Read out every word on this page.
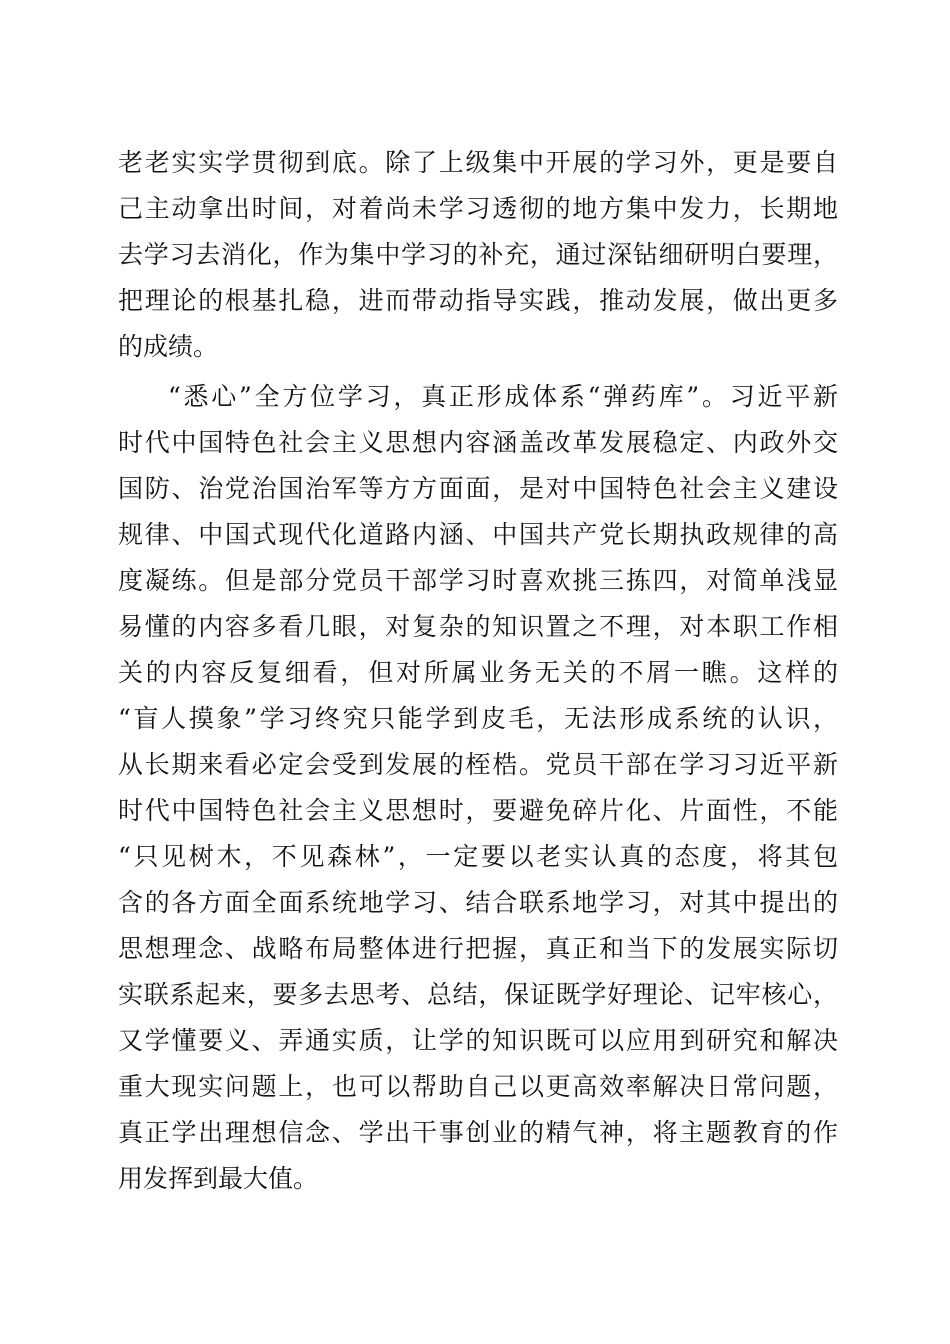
老老实实学贯彻到底。除了上级集中开展的学习外，更是要自
己主动拿出时间，对着尚未学习透彻的地方集中发力，长期地
去学习去消化，作为集中学习的补充，通过深钻细研明白要理，
把理论的根基扎稳，进而带动指导实践，推动发展，做出更多
的成绩。
“悉心”全方位学习，真正形成体系“弹药库”。习近平新
时代中国特色社会主义思想内容涵盖改革发展稳定、内政外交
国防、治党治国治军等方方面面，是对中国特色社会主义建设
规律、中国式现代化道路内涵、中国共产党长期执政规律的高
度凝练。但是部分党员干部学习时喜欢挑三拣四，对简单浅显
易懂的内容多看几眼，对复杂的知识置之不理，对本职工作相
关的内容反复细看，但对所属业务无关的不屑一瞧。这样的
“盲人摸象”学习终究只能学到皮毛，无法形成系统的认识，
从长期来看必定会受到发展的桎梏。党员干部在学习习近平新
时代中国特色社会主义思想时，要避免碎片化、片面性，不能
“只见树木，不见森林”，一定要以老实认真的态度，将其包
含的各方面全面系统地学习、结合联系地学习，对其中提出的
思想理念、战略布局整体进行把握，真正和当下的发展实际切
实联系起来，要多去思考、总结，保证既学好理论、记牢核心，
又学懂要义、弄通实质，让学的知识既可以应用到研究和解决
重大现实问题上，也可以帮助自己以更高效率解决日常问题，
真正学出理想信念、学出干事创业的精气神，将主题教育的作
用发挥到最大值。
